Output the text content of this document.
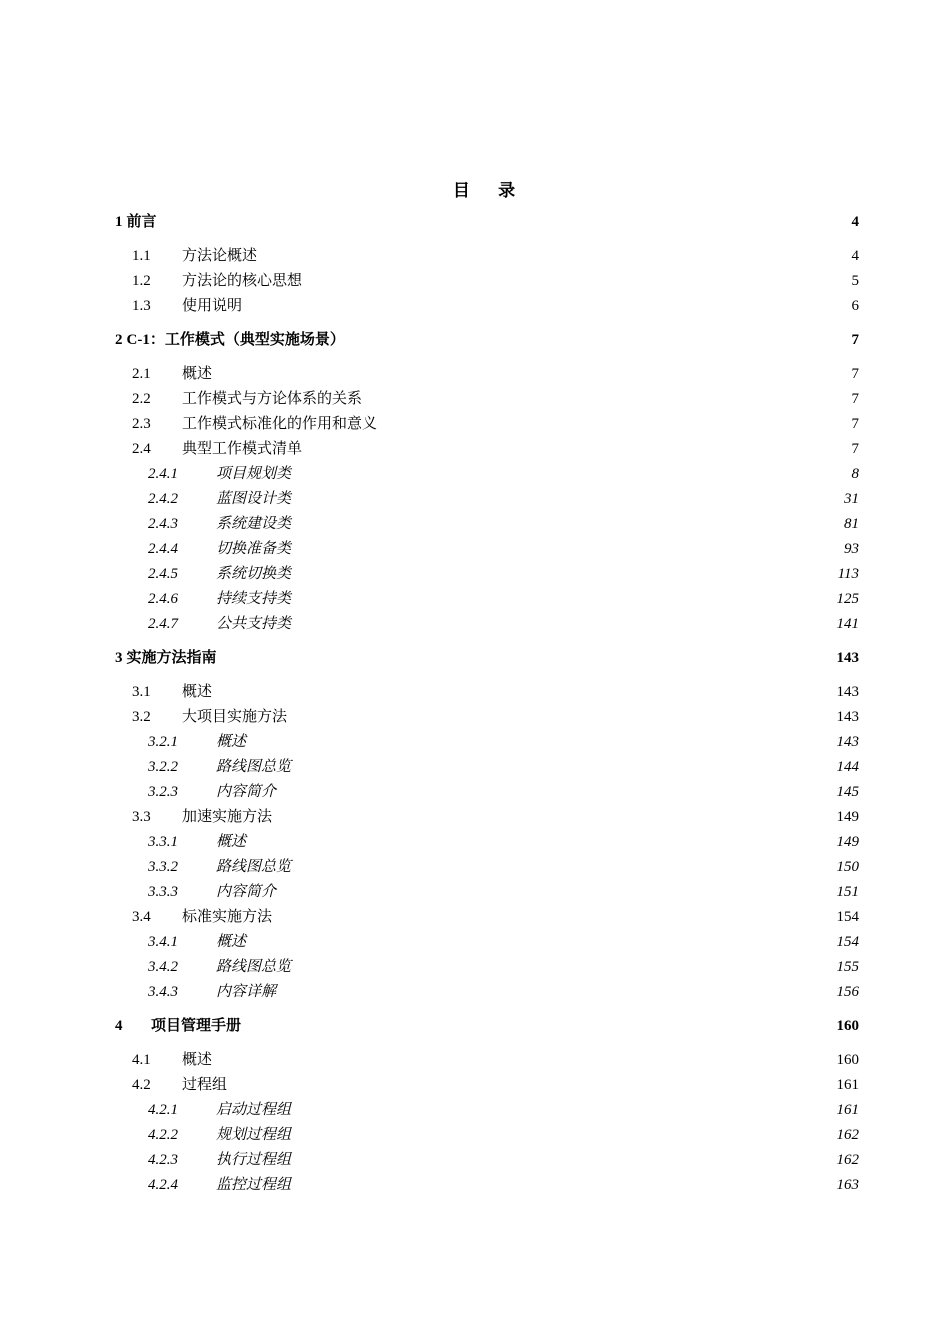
目 录
1 前言	4
1.1	方法论概述	4
1.2	方法论的核心思想	5
1.3	使用说明	6
2 C-1：工作模式（典型实施场景）	7
2.1	概述	7
2.2	工作模式与方论体系的关系	7
2.3	工作模式标准化的作用和意义	7
2.4	典型工作模式清单	7
2.4.1	项目规划类	8
2.4.2	蓝图设计类	31
2.4.3	系统建设类	81
2.4.4	切换准备类	93
2.4.5	系统切换类	113
2.4.6	持续支持类	125
2.4.7	公共支持类	141
3 实施方法指南	143
3.1	概述	143
3.2	大项目实施方法	143
3.2.1	概述	143
3.2.2	路线图总览	144
3.2.3	内容简介	145
3.3	加速实施方法	149
3.3.1	概述	149
3.3.2	路线图总览	150
3.3.3	内容简介	151
3.4	标准实施方法	154
3.4.1	概述	154
3.4.2	路线图总览	155
3.4.3	内容详解	156
4	项目管理手册	160
4.1	概述	160
4.2	过程组	161
4.2.1	启动过程组	161
4.2.2	规划过程组	162
4.2.3	执行过程组	162
4.2.4	监控过程组	163
